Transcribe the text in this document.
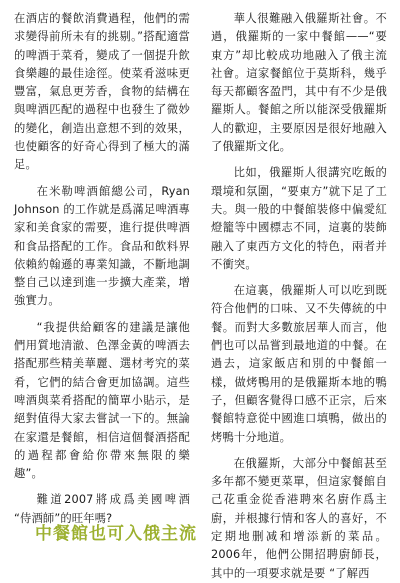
在酒店的餐飲消費過程，他們的需求變得前所未有的挑剔。”搭配適當的啤酒于菜肴，變成了一個提升飲食樂趣的最佳途徑。使菜肴滋味更豐富，氣息更芳香，食物的結構在與啤酒匹配的過程中也發生了微妙的變化，創造出意想不到的效果，也使顧客的好奇心得到了極大的滿足。

在米勒啤酒館總公司，Ryan Johnson 的工作就是爲滿足啤酒專家和美食家的需要，進行提供啤酒和食品搭配的工作。食品和飲料界依賴約翰遜的專業知識，不斷地調整自己以達到進一步擴大產業，增強實力。

“我提供給顧客的建議是讓他們用質地清澈、色澤金黃的啤酒去搭配那些精美華麗、選材考究的菜肴，它們的結合會更加協調。這些啤酒與菜肴搭配的簡單小貼示，是絕對值得大家去嘗試一下的。無論在家還是餐館，相信這個餐酒搭配的過程都會給你帶來無限的樂趣”。

難道2007將成爲美國啤酒 “侍酒師”的旺年嗎?

中餐館也可入俄主流

華人很難融入俄羅斯社會。不過，俄羅斯的一家中餐館——“要東方”却比較成功地融入了俄主流社會。這家餐館位于莫斯科，幾乎每天都顧客盈門，其中有不少是俄羅斯人。餐館之所以能深受俄羅斯人的歡迎，主要原因是很好地融入了俄羅斯文化。

比如，俄羅斯人很講究吃飯的環境和氛圍，“要東方”就下足了工夫。與一般的中餐館裝修中偏愛紅燈籠等中國標志不同，這裏的裝飾融入了東西方文化的特色，兩者并不衝突。

在這裏，俄羅斯人可以吃到既符合他們的口味、又不失傳統的中餐。而對大多數旅居華人而言，他們也可以品嘗到最地道的中餐。在過去，這家飯店和別的中餐館一樣，做烤鴨用的是俄羅斯本地的鴨子，但顧客覺得口感不正宗，后來餐館特意從中國進口填鴨，做出的烤鴨十分地道。

在俄羅斯，大部分中餐館甚至多年都不變更菜單，但這家餐館自己花重金從香港聘來名廚作爲主廚，并根據行情和客人的喜好，不定期地删减和增添新的菜品。2006年，他們公開招聘廚師長，其中的一項要求就是要 “了解西
